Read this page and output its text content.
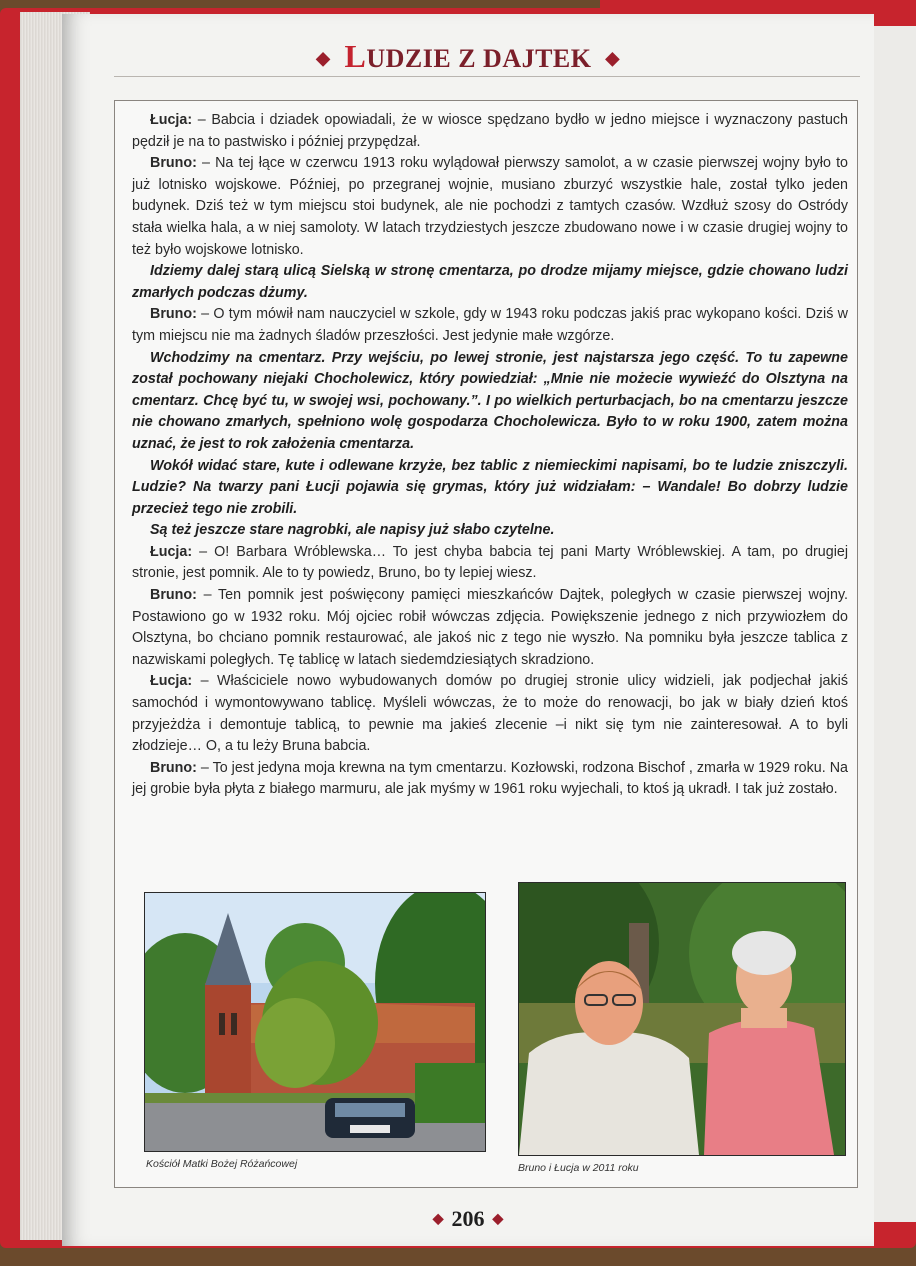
◆ LUDZIE Z DAJTEK ◆

Łucja: – Babcia i dziadek opowiadali, że w wiosce spędzano bydło w jedno miejsce i wyznaczony pastuch pędził je na to pastwisko i później przypędzał.

Bruno: – Na tej łące w czerwcu 1913 roku wylądował pierwszy samolot, a w czasie pierwszej wojny było to już lotnisko wojskowe. Później, po przegranej wojnie, musiano zburzyć wszystkie hale, został tylko jeden budynek. Dziś też w tym miejscu stoi budynek, ale nie pochodzi z tamtych czasów. Wzdłuż szosy do Ostródy stała wielka hala, a w niej samoloty. W latach trzydziestych jeszcze zbudowano nowe i w czasie drugiej wojny to też było wojskowe lotnisko.

Idziemy dalej starą ulicą Sielską w stronę cmentarza, po drodze mijamy miejsce, gdzie chowano ludzi zmarłych podczas dżumy.

Bruno: – O tym mówił nam nauczyciel w szkole, gdy w 1943 roku podczas jakiś prac wykopano kości. Dziś w tym miejscu nie ma żadnych śladów przeszłości. Jest jedynie małe wzgórze.

Wchodzimy na cmentarz. Przy wejściu, po lewej stronie, jest najstarsza jego część. To tu zapewne został pochowany niejaki Chocholewicz, który powiedział: „Mnie nie możecie wywieźć do Olsztyna na cmentarz. Chcę być tu, w swojej wsi, pochowany.”. I po wielkich perturbacjach, bo na cmentarzu jeszcze nie chowano zmarłych, spełniono wolę gospodarza Chocholewicza. Było to w roku 1900, zatem można uznać, że jest to rok założenia cmentarza.

Wokół widać stare, kute i odlewane krzyże, bez tablic z niemieckimi napisami, bo te ludzie zniszczyli. Ludzie? Na twarzy pani Łucji pojawia się grymas, który już widziałam: – Wandale! Bo dobrzy ludzie przecież tego nie zrobili.

Są też jeszcze stare nagrobki, ale napisy już słabo czytelne.

Łucja: – O! Barbara Wróblewska… To jest chyba babcia tej pani Marty Wróblewskiej. A tam, po drugiej stronie, jest pomnik. Ale to ty powiedz, Bruno, bo ty lepiej wiesz.

Bruno: – Ten pomnik jest poświęcony pamięci mieszkańców Dajtek, poległych w czasie pierwszej wojny. Postawiono go w 1932 roku. Mój ojciec robił wówczas zdjęcia. Powiększenie jednego z nich przywiozłem do Olsztyna, bo chciano pomnik restaurować, ale jakoś nic z tego nie wyszło. Na pomniku była jeszcze tablica z nazwiskami poległych. Tę tablicę w latach siedemdziesiątych skradziono.

Łucja: – Właściciele nowo wybudowanych domów po drugiej stronie ulicy widzieli, jak podjechał jakiś samochód i wymontowywano tablicę. Myśleli wówczas, że to może do renowacji, bo jak w biały dzień ktoś przyjeżdża i demontuje tablicą, to pewnie ma jakieś zlecenie –i nikt się tym nie zainteresował. A to byli złodzieje… O, a tu leży Bruna babcia.

Bruno: – To jest jedyna moja krewna na tym cmentarzu. Kozłowski, rodzona Bischof , zmarła w 1929 roku. Na jej grobie była płyta z białego marmuru, ale jak myśmy w 1961 roku wyjechali, to ktoś ją ukradł. I tak już zostało.

Kościół Matki Bożej Różańcowej	Bruno i Łucja w 2011 roku
◆ 206 ◆
